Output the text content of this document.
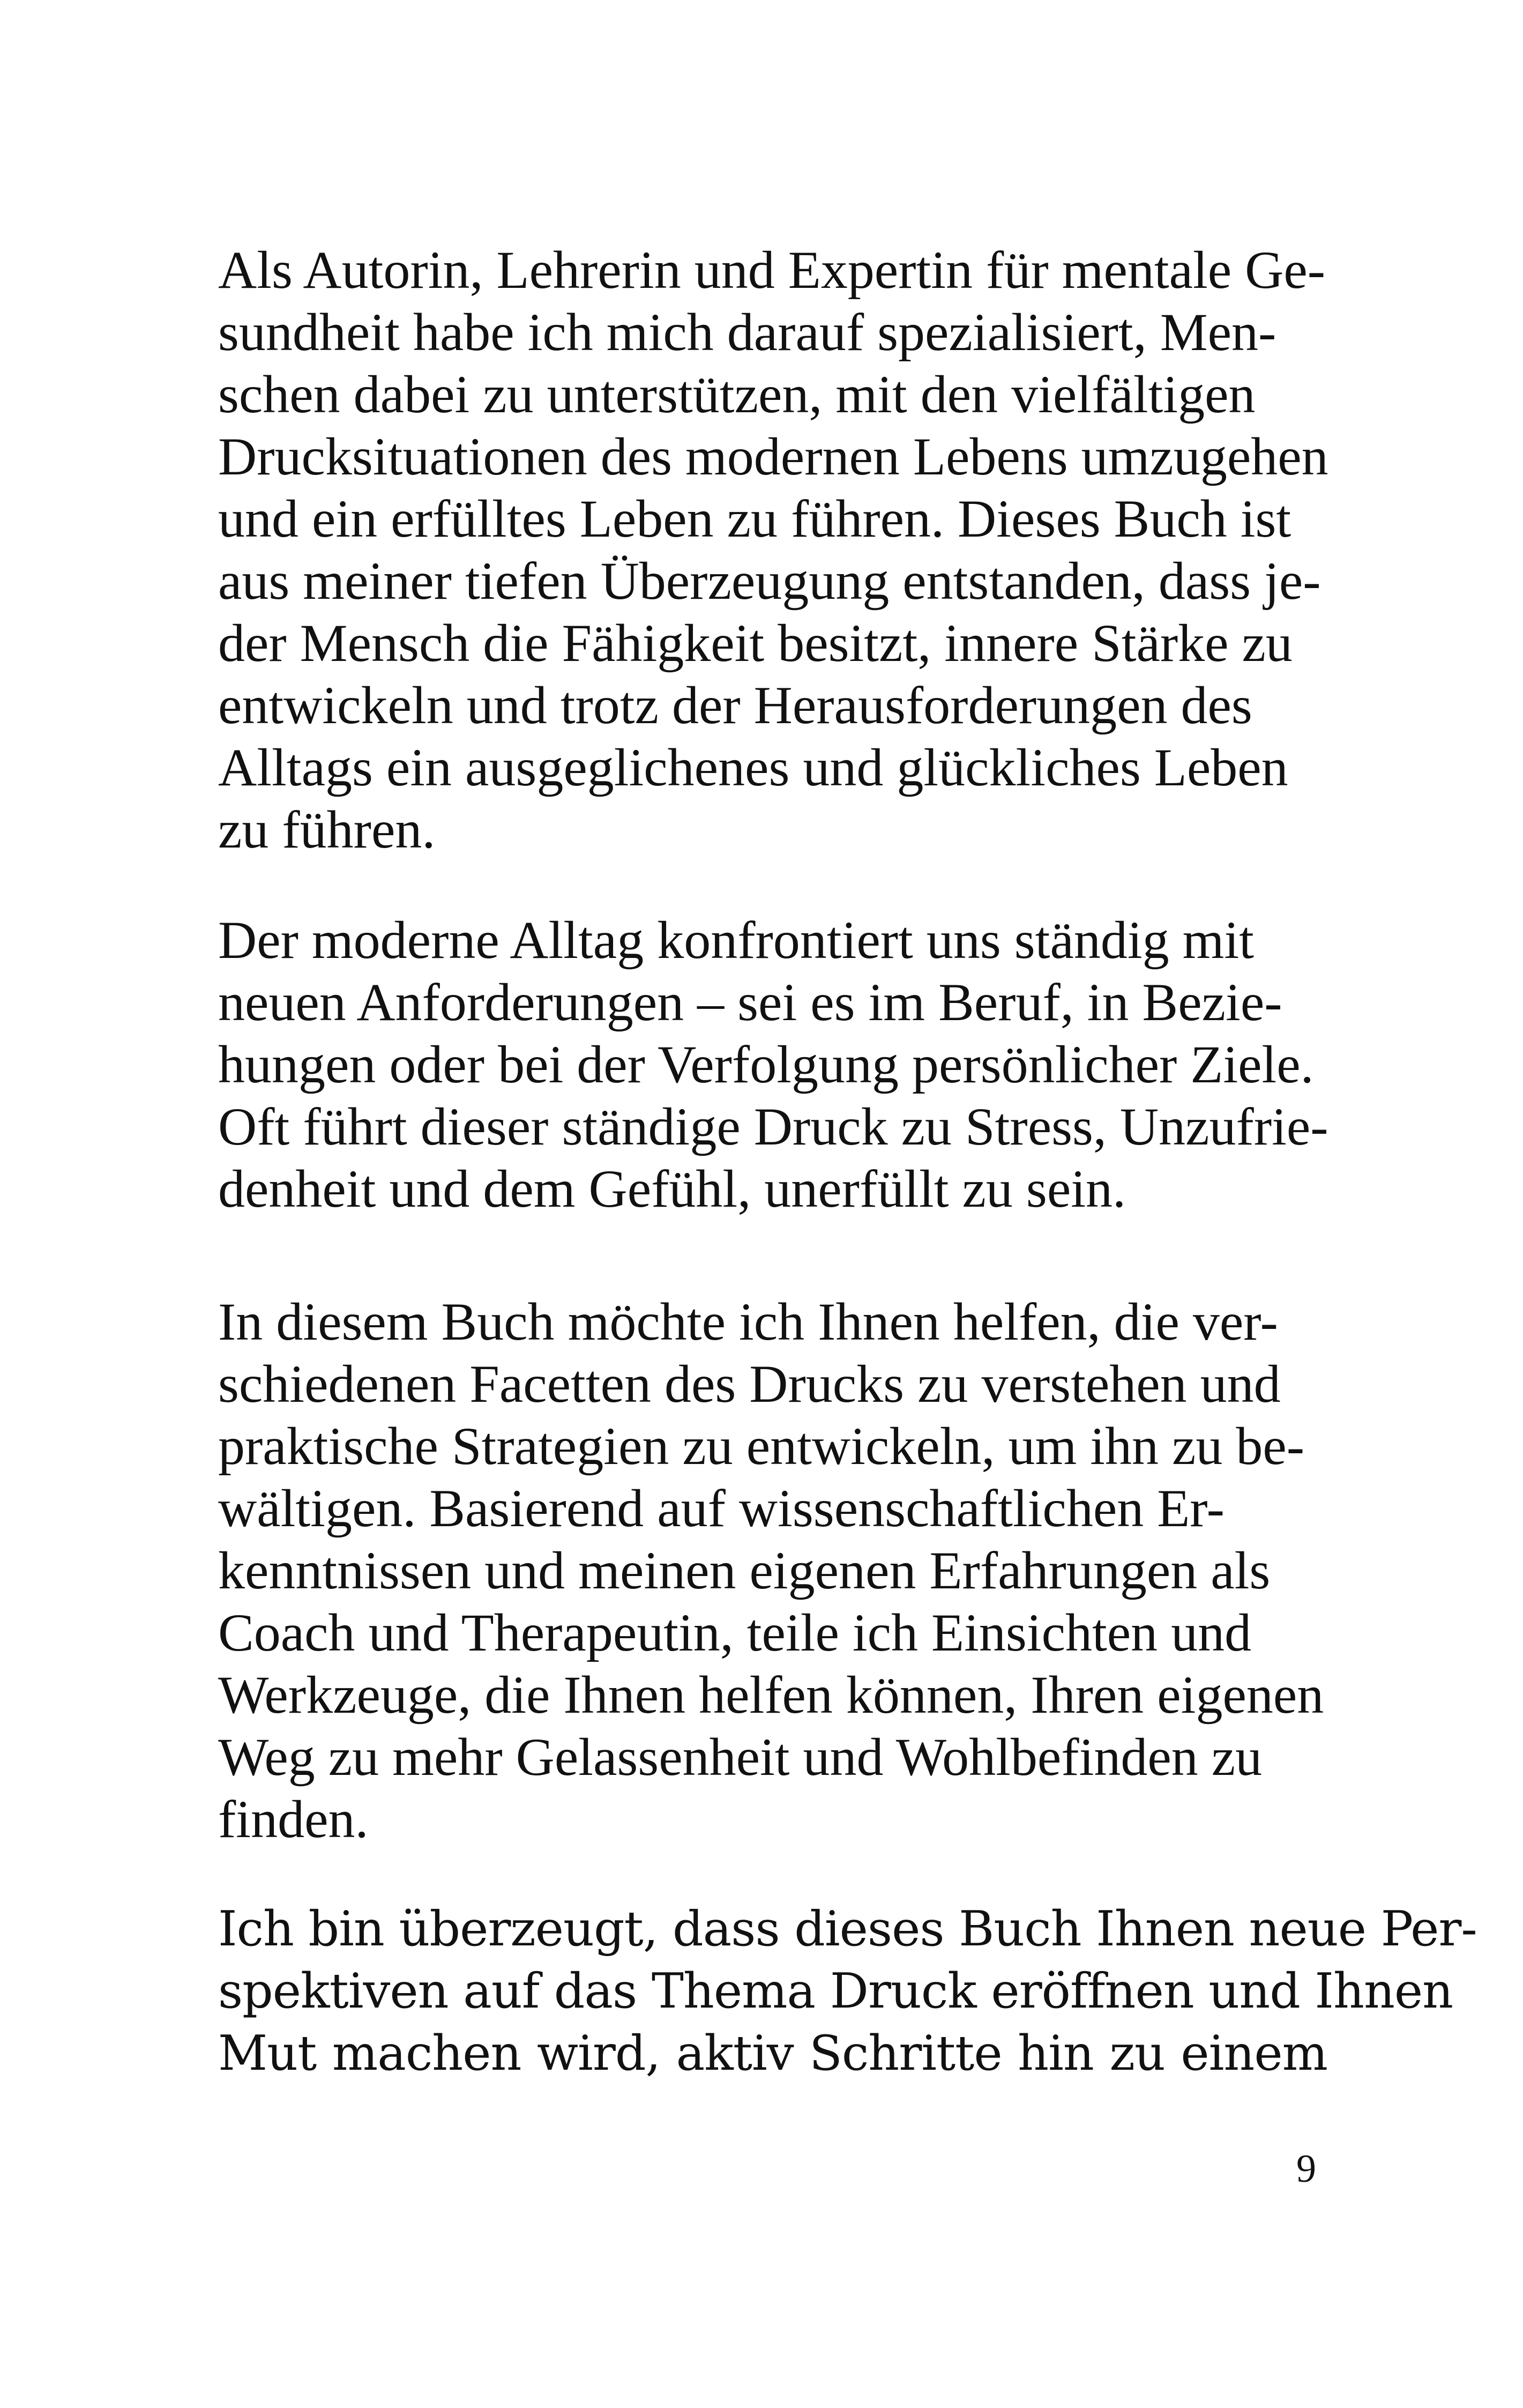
Als Autorin, Lehrerin und Expertin für mentale Ge-
sundheit habe ich mich darauf spezialisiert, Men-
schen dabei zu unterstützen, mit den vielfältigen
Drucksituationen des modernen Lebens umzugehen
und ein erfülltes Leben zu führen. Dieses Buch ist
aus meiner tiefen Überzeugung entstanden, dass je-
der Mensch die Fähigkeit besitzt, innere Stärke zu
entwickeln und trotz der Herausforderungen des
Alltags ein ausgeglichenes und glückliches Leben
zu führen.
Der moderne Alltag konfrontiert uns ständig mit
neuen Anforderungen – sei es im Beruf, in Bezie-
hungen oder bei der Verfolgung persönlicher Ziele.
Oft führt dieser ständige Druck zu Stress, Unzufrie-
denheit und dem Gefühl, unerfüllt zu sein.
In diesem Buch möchte ich Ihnen helfen, die ver-
schiedenen Facetten des Drucks zu verstehen und
praktische Strategien zu entwickeln, um ihn zu be-
wältigen. Basierend auf wissenschaftlichen Er-
kenntnissen und meinen eigenen Erfahrungen als
Coach und Therapeutin, teile ich Einsichten und
Werkzeuge, die Ihnen helfen können, Ihren eigenen
Weg zu mehr Gelassenheit und Wohlbefinden zu
finden.
Ich bin überzeugt, dass dieses Buch Ihnen neue Per-
spektiven auf das Thema Druck eröffnen und Ihnen
Mut machen wird, aktiv Schritte hin zu einem
9
